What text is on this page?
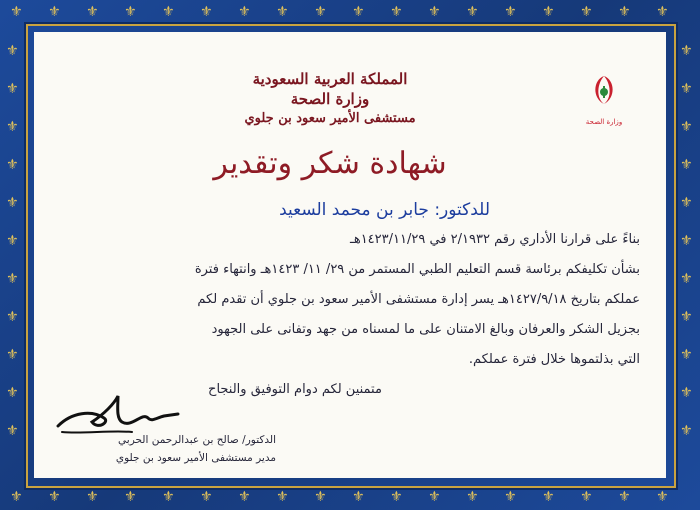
⚜
⚜
⚜
⚜
⚜
⚜
⚜
⚜
⚜
⚜
⚜
⚜
⚜
⚜
⚜
⚜
⚜
⚜
⚜
⚜
⚜
⚜
⚜
⚜
⚜
⚜
⚜
⚜
⚜
⚜
⚜
⚜
⚜
⚜
⚜
⚜
⚜	⚜
⚜	⚜
⚜	⚜
⚜	⚜
⚜	⚜
⚜	⚜
⚜	⚜
⚜	⚜
⚜	⚜
⚜	⚜
⚜	⚜
وزارة الصحة
المملكة العربية السعودية
وزارة الصحة
مستشفى الأمير سعود بن جلوي
شهادة شكر وتقدير
للدكتور: جابر بن محمد السعيد
بناءً على قرارنا الأداري رقم ٢/١٩٣٢ في ١٤٢٣/١١/٢٩هـ
بشأن تكليفكم برئاسة قسم التعليم الطبي المستمر من ٢٩/ ١١/ ١٤٢٣هـ وانتهاء فترة
عملكم بتاريخ ١٤٢٧/٩/١٨هـ يسر إدارة مستشفى الأمير سعود بن جلوي أن تقدم لكم
بجزيل الشكر والعرفان وبالغ الامتنان على ما لمسناه من جهد وتفانى على الجهود
التي بذلتموها خلال فترة عملكم.
متمنين لكم دوام التوفيق والنجاح
الدكتور/ صالح بن عبدالرحمن الحربي
مدير مستشفى الأمير سعود بن جلوي
